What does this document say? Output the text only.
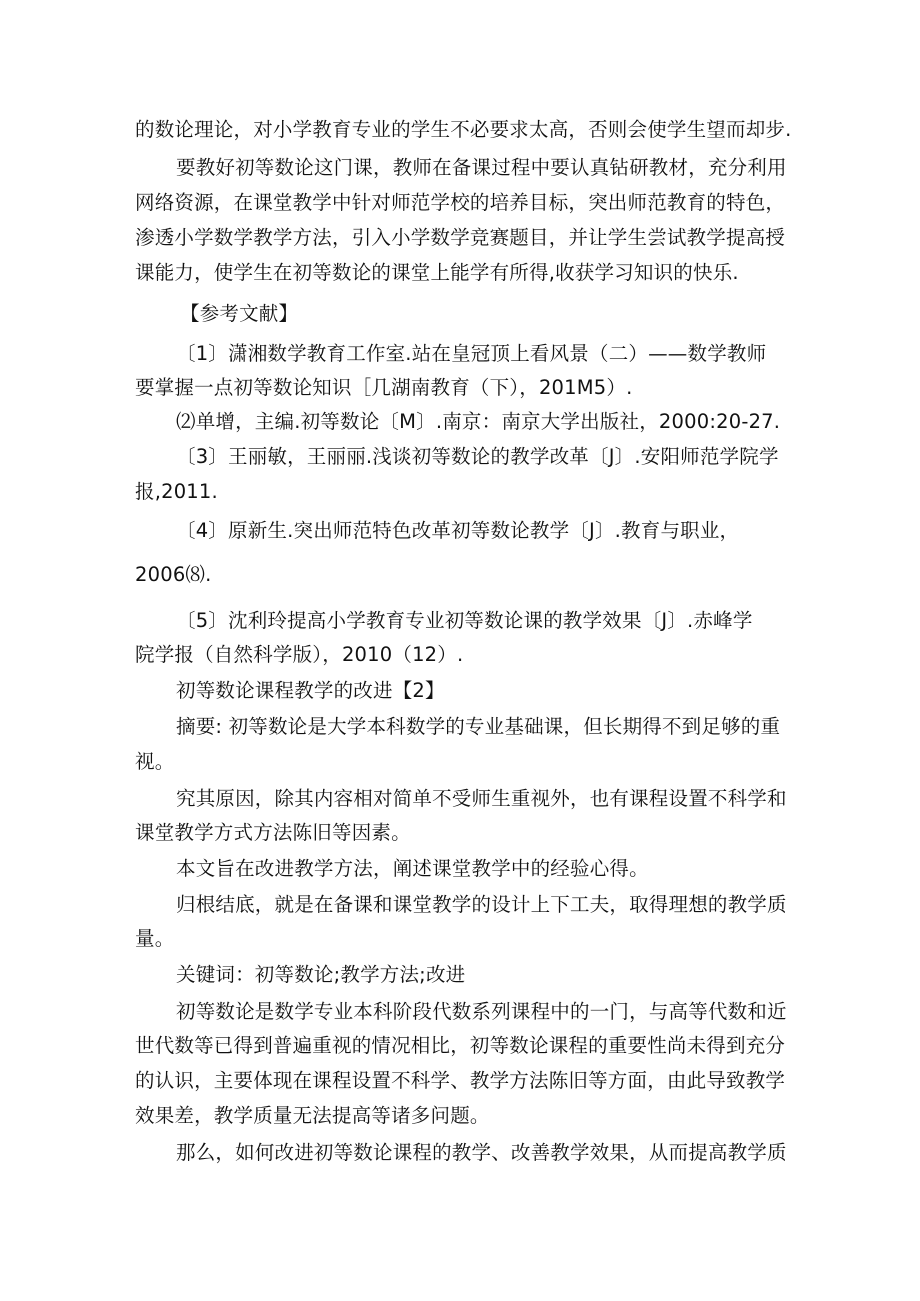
的数论理论，对小学教育专业的学生不必要求太高，否则会使学生望而却步.
要教好初等数论这门课，教师在备课过程中要认真钻研教材，充分利用
网络资源，在课堂教学中针对师范学校的培养目标，突出师范教育的特色，
渗透小学数学教学方法，引入小学数学竞赛题目，并让学生尝试教学提高授
课能力，使学生在初等数论的课堂上能学有所得,收获学习知识的快乐.
【参考文献】
〔1〕潇湘数学教育工作室.站在皇冠顶上看风景（二）——数学教师
要掌握一点初等数论知识［几湖南教育（下），201M5）.
⑵单增，主编.初等数论〔M〕.南京：南京大学出版社，2000:20-27.
〔3〕王丽敏，王丽丽.浅谈初等数论的教学改革〔J〕.安阳师范学院学
报,2011.
〔4〕原新生.突出师范特色改革初等数论教学〔J〕.教育与职业，
2006⑻.
〔5〕沈利玲提高小学教育专业初等数论课的教学效果〔J〕.赤峰学
院学报（自然科学版），2010（12）.
初等数论课程教学的改进【2】
摘要: 初等数论是大学本科数学的专业基础课，但长期得不到足够的重
视。
究其原因，除其内容相对简单不受师生重视外，也有课程设置不科学和
课堂教学方式方法陈旧等因素。
本文旨在改进教学方法，阐述课堂教学中的经验心得。
归根结底，就是在备课和课堂教学的设计上下工夫，取得理想的教学质
量。
关键词：初等数论;教学方法;改进
初等数论是数学专业本科阶段代数系列课程中的一门，与高等代数和近
世代数等已得到普遍重视的情况相比，初等数论课程的重要性尚未得到充分
的认识，主要体现在课程设置不科学、教学方法陈旧等方面，由此导致教学
效果差，教学质量无法提高等诸多问题。
那么，如何改进初等数论课程的教学、改善教学效果，从而提高教学质
